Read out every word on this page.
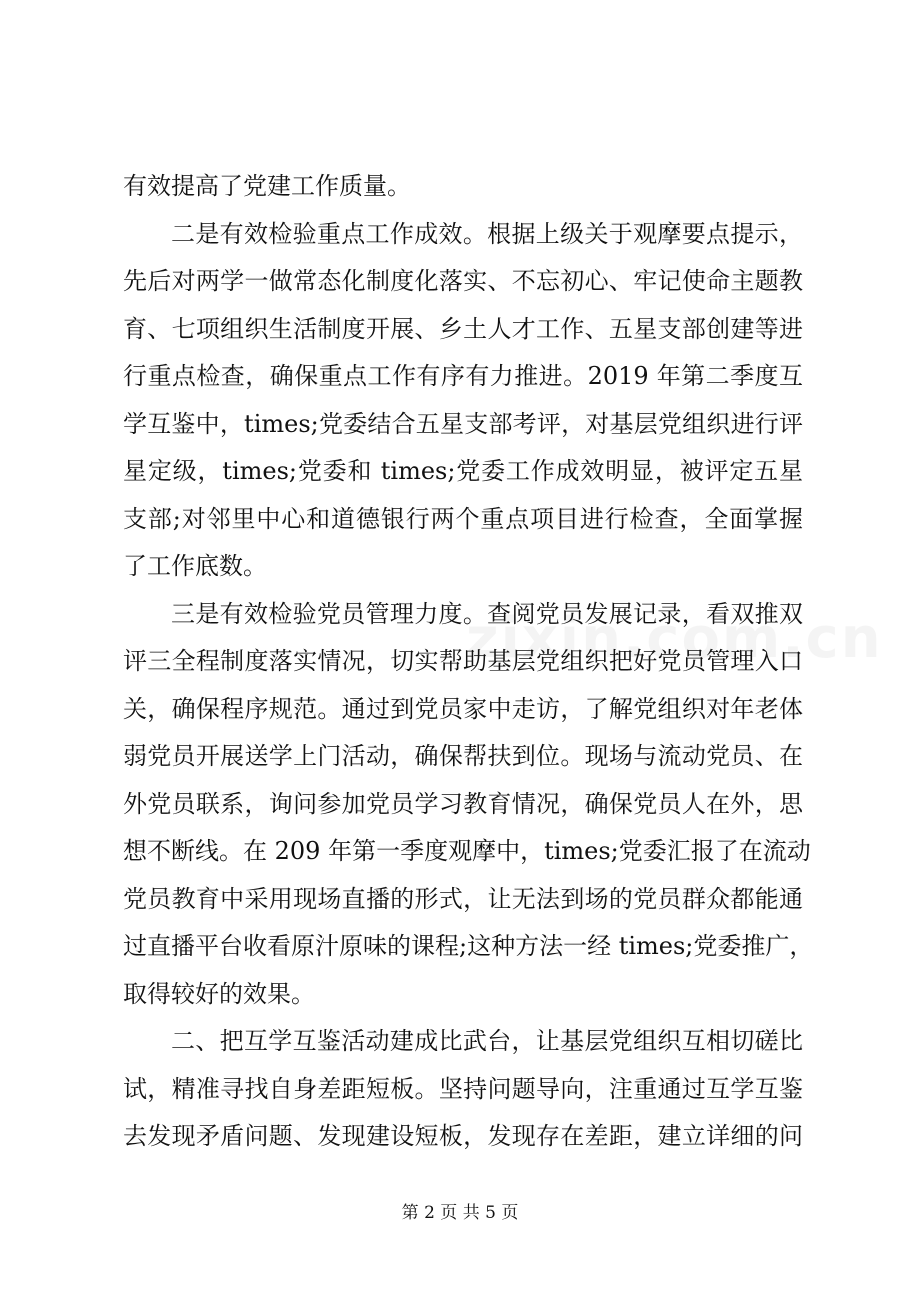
有效提高了党建工作质量。
二是有效检验重点工作成效。根据上级关于观摩要点提示，
先后对两学一做常态化制度化落实、不忘初心、牢记使命主题教
育、七项组织生活制度开展、乡土人才工作、五星支部创建等进
行重点检查，确保重点工作有序有力推进。2019 年第二季度互
学互鉴中，times;党委结合五星支部考评，对基层党组织进行评
星定级，times;党委和 times;党委工作成效明显，被评定五星
支部;对邻里中心和道德银行两个重点项目进行检查，全面掌握
了工作底数。
三是有效检验党员管理力度。查阅党员发展记录，看双推双
评三全程制度落实情况，切实帮助基层党组织把好党员管理入口
关，确保程序规范。通过到党员家中走访，了解党组织对年老体
弱党员开展送学上门活动，确保帮扶到位。现场与流动党员、在
外党员联系，询问参加党员学习教育情况，确保党员人在外，思
想不断线。在 209 年第一季度观摩中，times;党委汇报了在流动
党员教育中采用现场直播的形式，让无法到场的党员群众都能通
过直播平台收看原汁原味的课程;这种方法一经 times;党委推广，
取得较好的效果。
二、把互学互鉴活动建成比武台，让基层党组织互相切磋比
试，精准寻找自身差距短板。坚持问题导向，注重通过互学互鉴
去发现矛盾问题、发现建设短板，发现存在差距，建立详细的问
第 2 页 共 5 页
